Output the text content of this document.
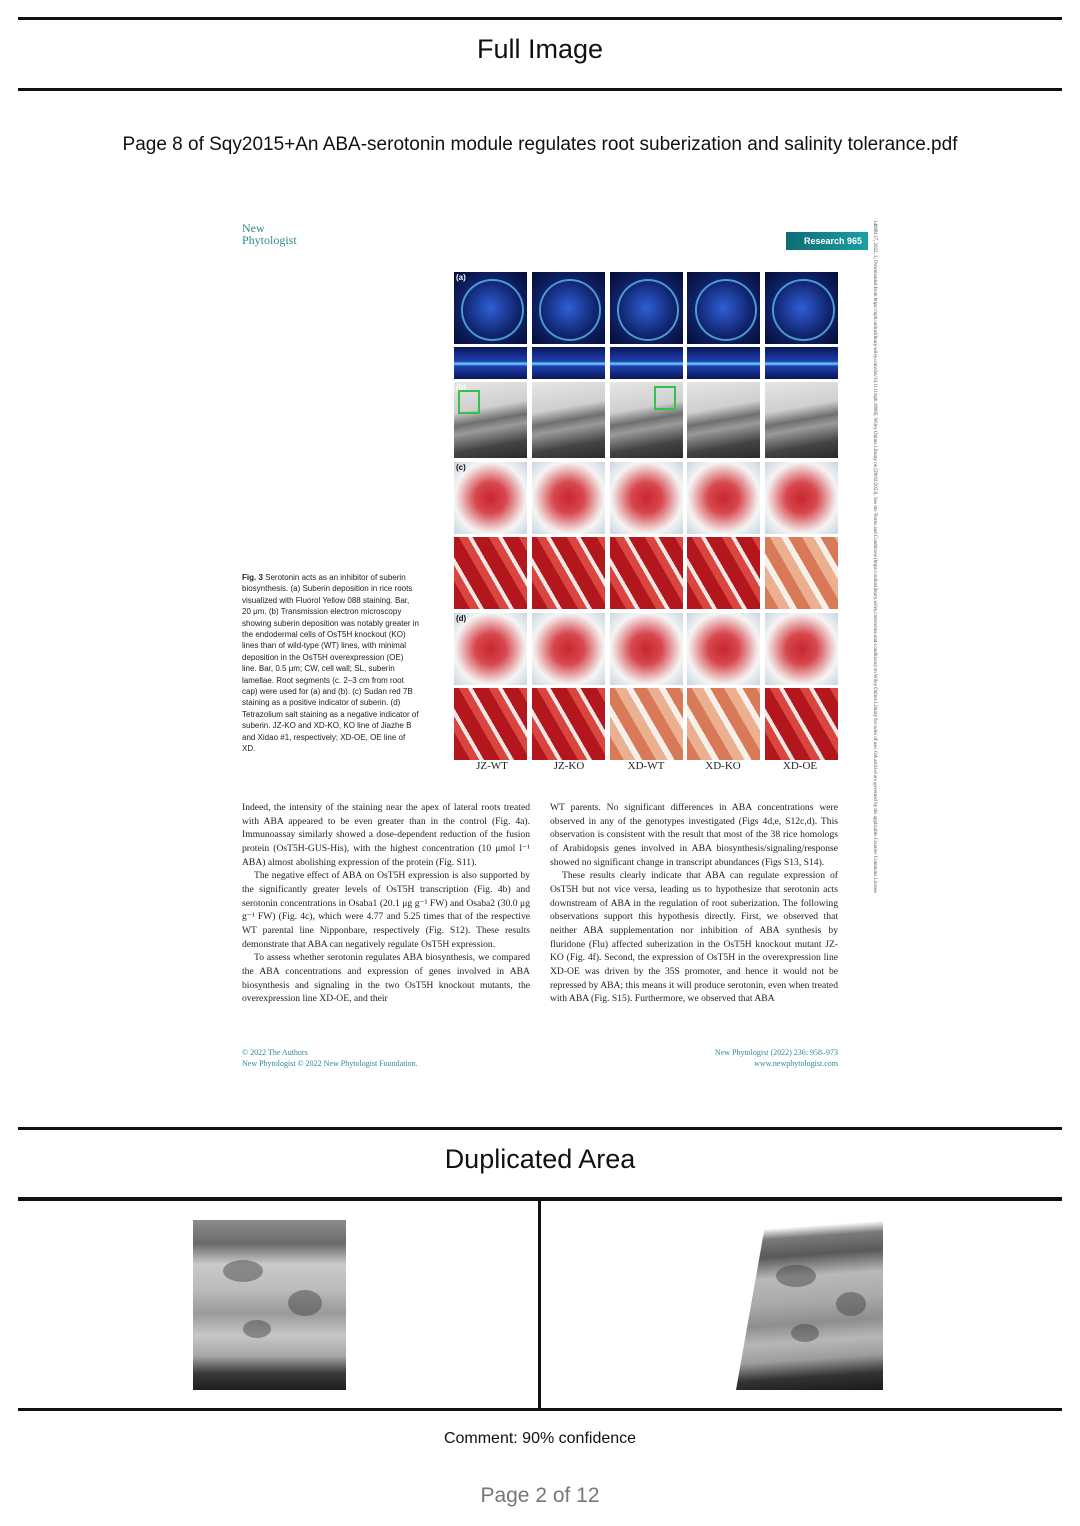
Full Image
Page 8 of Sqy2015+An ABA-serotonin module regulates root suberization and salinity tolerance.pdf
New
Phytologist	Research 965	14698137, 2022, 3, Downloaded from https://nph.onlinelibrary.wiley.com/doi/10.1111/nph.18095, Wiley Online Library on [28/02/2023]. See the Terms and Conditions (https://onlinelibrary.wiley.com/terms-and-conditions) on Wiley Online Library for rules of use; OA articles are governed by the applicable Creative Commons License
(a)
(b)
(c)
(d)
JZ-WT	JZ-KO	XD-WT	XD-KO	XD-OE
Fig. 3 Serotonin acts as an inhibitor of suberin biosynthesis. (a) Suberin deposition in rice roots visualized with Fluorol Yellow 088 staining. Bar, 20 μm. (b) Transmission electron microscopy showing suberin deposition was notably greater in the endodermal cells of OsT5H knockout (KO) lines than of wild-type (WT) lines, with minimal deposition in the OsT5H overexpression (OE) line. Bar, 0.5 μm; CW, cell wall; SL, suberin lamellae. Root segments (c. 2–3 cm from root cap) were used for (a) and (b). (c) Sudan red 7B staining as a positive indicator of suberin. (d) Tetrazolium salt staining as a negative indicator of suberin. JZ-KO and XD-KO, KO line of Jiazhe B and Xidao #1, respectively; XD-OE, OE line of XD.

Indeed, the intensity of the staining near the apex of lateral roots treated with ABA appeared to be even greater than in the control (Fig. 4a). Immunoassay similarly showed a dose-dependent reduction of the fusion protein (OsT5H-GUS-His), with the highest concentration (10 μmol l⁻¹ ABA) almost abolishing expression of the protein (Fig. S11).

The negative effect of ABA on OsT5H expression is also supported by the significantly greater levels of OsT5H transcription (Fig. 4b) and serotonin concentrations in Osaba1 (20.1 μg g⁻¹ FW) and Osaba2 (30.0 μg g⁻¹ FW) (Fig. 4c), which were 4.77 and 5.25 times that of the respective WT parental line Nipponbare, respectively (Fig. S12). These results demonstrate that ABA can negatively regulate OsT5H expression.

To assess whether serotonin regulates ABA biosynthesis, we compared the ABA concentrations and expression of genes involved in ABA biosynthesis and signaling in the two OsT5H knockout mutants, the overexpression line XD-OE, and their

WT parents. No significant differences in ABA concentrations were observed in any of the genotypes investigated (Figs 4d,e, S12c,d). This observation is consistent with the result that most of the 38 rice homologs of Arabidopsis genes involved in ABA biosynthesis/signaling/response showed no significant change in transcript abundances (Figs S13, S14).

These results clearly indicate that ABA can regulate expression of OsT5H but not vice versa, leading us to hypothesize that serotonin acts downstream of ABA in the regulation of root suberization. The following observations support this hypothesis directly. First, we observed that neither ABA supplementation nor inhibition of ABA synthesis by fluridone (Flu) affected suberization in the OsT5H knockout mutant JZ-KO (Fig. 4f). Second, the expression of OsT5H in the overexpression line XD-OE was driven by the 35S promoter, and hence it would not be repressed by ABA; this means it will produce serotonin, even when treated with ABA (Fig. S15). Furthermore, we observed that ABA

© 2022 The Authors
New Phytologist © 2022 New Phytologist Foundation.
New Phytologist (2022) 236: 958–973
www.newphytologist.com
Duplicated Area
Comment: 90% confidence
Page 2 of 12
